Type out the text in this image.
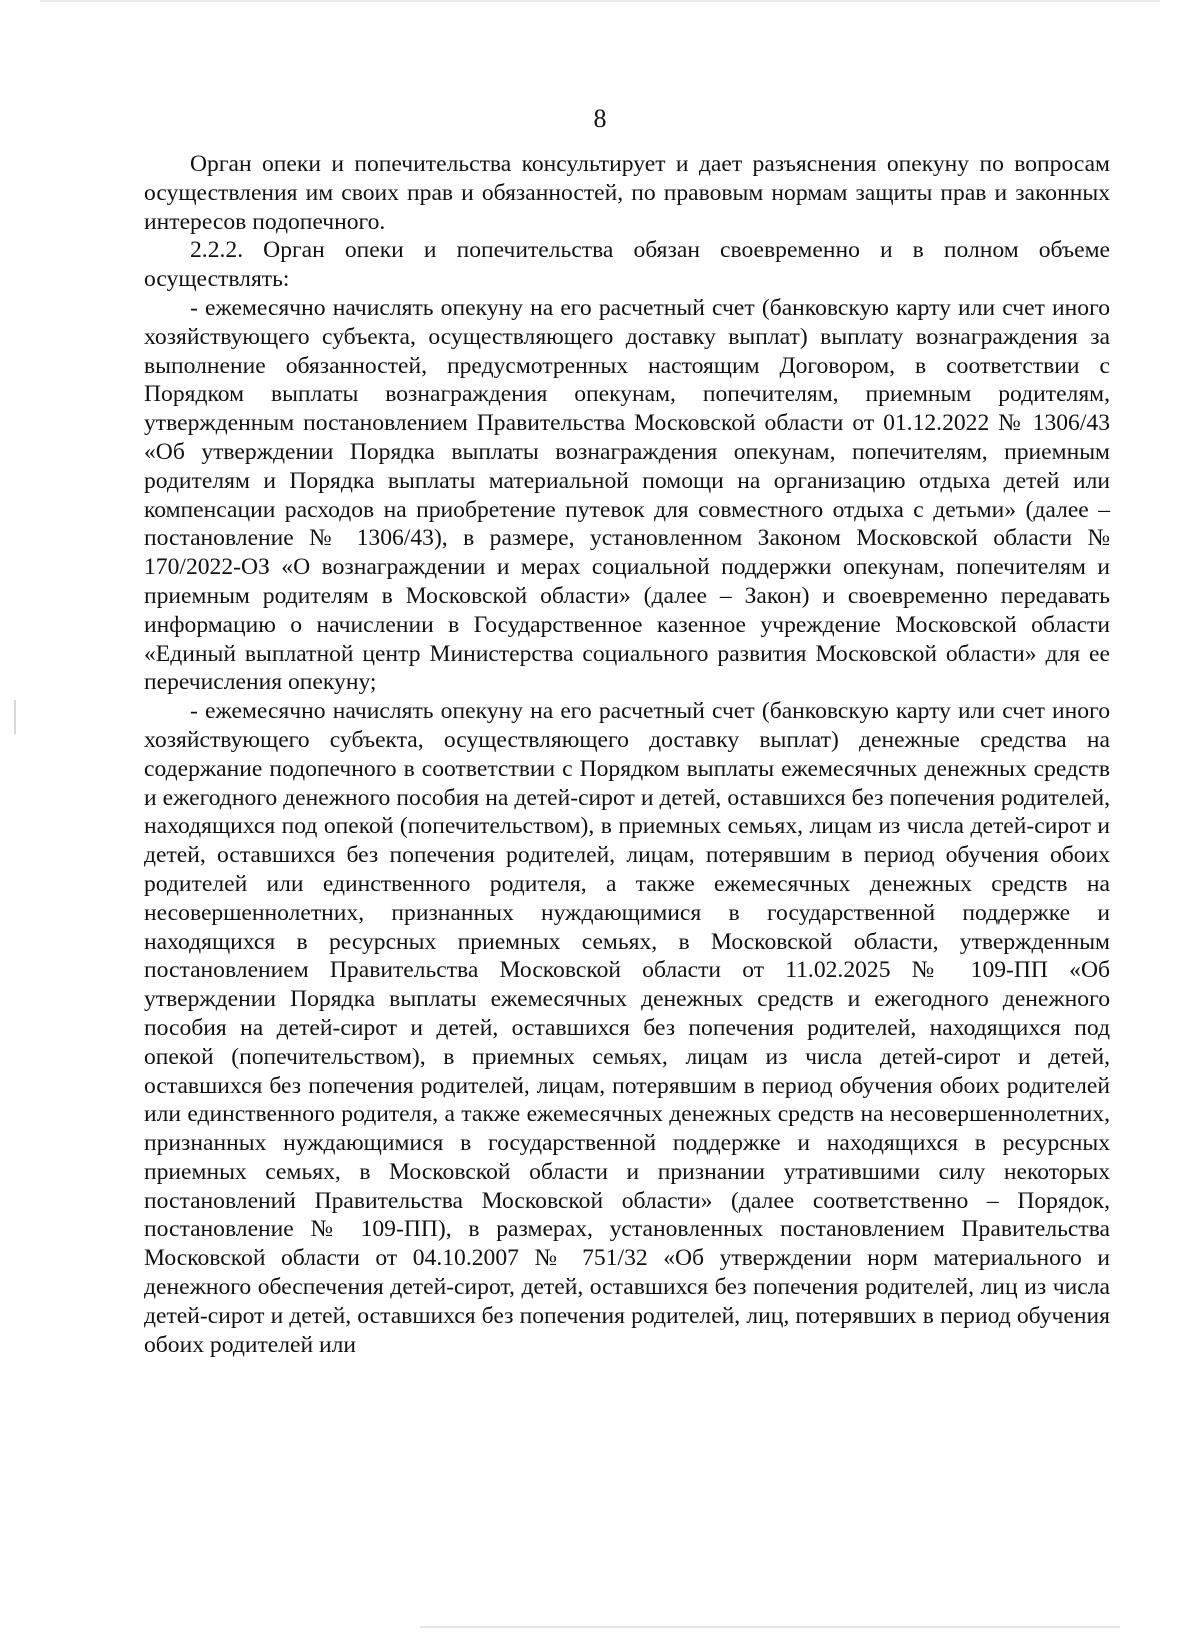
8

Орган опеки и попечительства консультирует и дает разъяснения опекуну по вопросам осуществления им своих прав и обязанностей, по правовым нормам защиты прав и законных интересов подопечного.

2.2.2. Орган опеки и попечительства обязан своевременно и в полном объеме осуществлять:

- ежемесячно начислять опекуну на его расчетный счет (банковскую карту или счет иного хозяйствующего субъекта, осуществляющего доставку выплат) выплату вознаграждения за выполнение обязанностей, предусмотренных настоящим Договором, в соответствии с Порядком выплаты вознаграждения опекунам, попечителям, приемным родителям, утвержденным постановлением Правительства Московской области от 01.12.2022 № 1306/43 «Об утверждении Порядка выплаты вознаграждения опекунам, попечителям, приемным родителям и Порядка выплаты материальной помощи на организацию отдыха детей или компенсации расходов на приобретение путевок для совместного отдыха с детьми» (далее – постановление № 1306/43), в размере, установленном Законом Московской области № 170/2022-ОЗ «О вознаграждении и мерах социальной поддержки опекунам, попечителям и приемным родителям в Московской области» (далее – Закон) и своевременно передавать информацию о начислении в Государственное казенное учреждение Московской области «Единый выплатной центр Министерства социального развития Московской области» для ее перечисления опекуну;

- ежемесячно начислять опекуну на его расчетный счет (банковскую карту или счет иного хозяйствующего субъекта, осуществляющего доставку выплат) денежные средства на содержание подопечного в соответствии с Порядком выплаты ежемесячных денежных средств и ежегодного денежного пособия на детей-сирот и детей, оставшихся без попечения родителей, находящихся под опекой (попечительством), в приемных семьях, лицам из числа детей-сирот и детей, оставшихся без попечения родителей, лицам, потерявшим в период обучения обоих родителей или единственного родителя, а также ежемесячных денежных средств на несовершеннолетних, признанных нуждающимися в государственной поддержке и находящихся в ресурсных приемных семьях, в Московской области, утвержденным постановлением Правительства Московской области от 11.02.2025 № 109-ПП «Об утверждении Порядка выплаты ежемесячных денежных средств и ежегодного денежного пособия на детей-сирот и детей, оставшихся без попечения родителей, находящихся под опекой (попечительством), в приемных семьях, лицам из числа детей-сирот и детей, оставшихся без попечения родителей, лицам, потерявшим в период обучения обоих родителей или единственного родителя, а также ежемесячных денежных средств на несовершеннолетних, признанных нуждающимися в государственной поддержке и находящихся в ресурсных приемных семьях, в Московской области и признании утратившими силу некоторых постановлений Правительства Московской области» (далее соответственно – Порядок, постановление № 109-ПП), в размерах, установленных постановлением Правительства Московской области от 04.10.2007 № 751/32 «Об утверждении норм материального и денежного обеспечения детей-сирот, детей, оставшихся без попечения родителей, лиц из числа детей-сирот и детей, оставшихся без попечения родителей, лиц, потерявших в период обучения обоих родителей или
